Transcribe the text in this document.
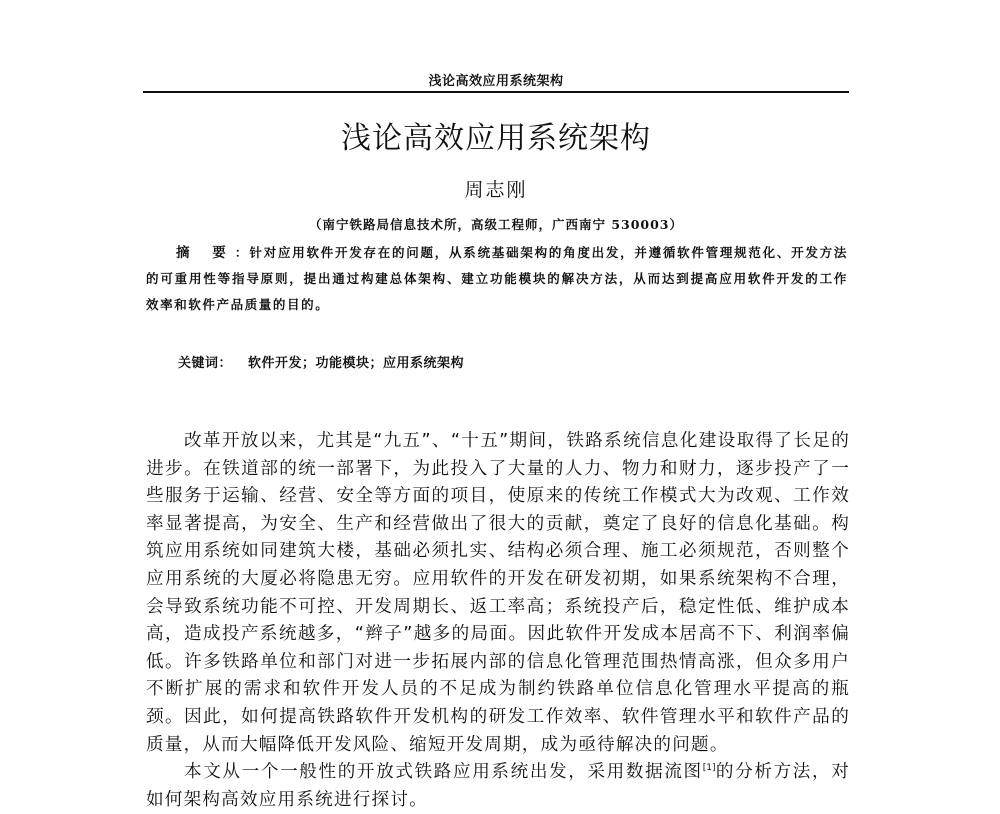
浅论高效应用系统架构
浅论高效应用系统架构
周志刚
（南宁铁路局信息技术所，高级工程师，广西南宁 530003）
摘 要：针对应用软件开发存在的问题，从系统基础架构的角度出发，并遵循软件管理规范化、开发方法的可重用性等指导原则，提出通过构建总体架构、建立功能模块的解决方法，从而达到提高应用软件开发的工作效率和软件产品质量的目的。
关键词： 软件开发；功能模块；应用系统架构

改革开放以来，尤其是“九五”、“十五”期间，铁路系统信息化建设取得了长足的进步。在铁道部的统一部署下，为此投入了大量的人力、物力和财力，逐步投产了一些服务于运输、经营、安全等方面的项目，使原来的传统工作模式大为改观、工作效率显著提高，为安全、生产和经营做出了很大的贡献，奠定了良好的信息化基础。构筑应用系统如同建筑大楼，基础必须扎实、结构必须合理、施工必须规范，否则整个应用系统的大厦必将隐患无穷。应用软件的开发在研发初期，如果系统架构不合理，会导致系统功能不可控、开发周期长、返工率高；系统投产后，稳定性低、维护成本高，造成投产系统越多，“辫子”越多的局面。因此软件开发成本居高不下、利润率偏低。许多铁路单位和部门对进一步拓展内部的信息化管理范围热情高涨，但众多用户不断扩展的需求和软件开发人员的不足成为制约铁路单位信息化管理水平提高的瓶颈。因此，如何提高铁路软件开发机构的研发工作效率、软件管理水平和软件产品的质量，从而大幅降低开发风险、缩短开发周期，成为亟待解决的问题。

本文从一个一般性的开放式铁路应用系统出发，采用数据流图[1]的分析方法，对如何架构高效应用系统进行探讨。
